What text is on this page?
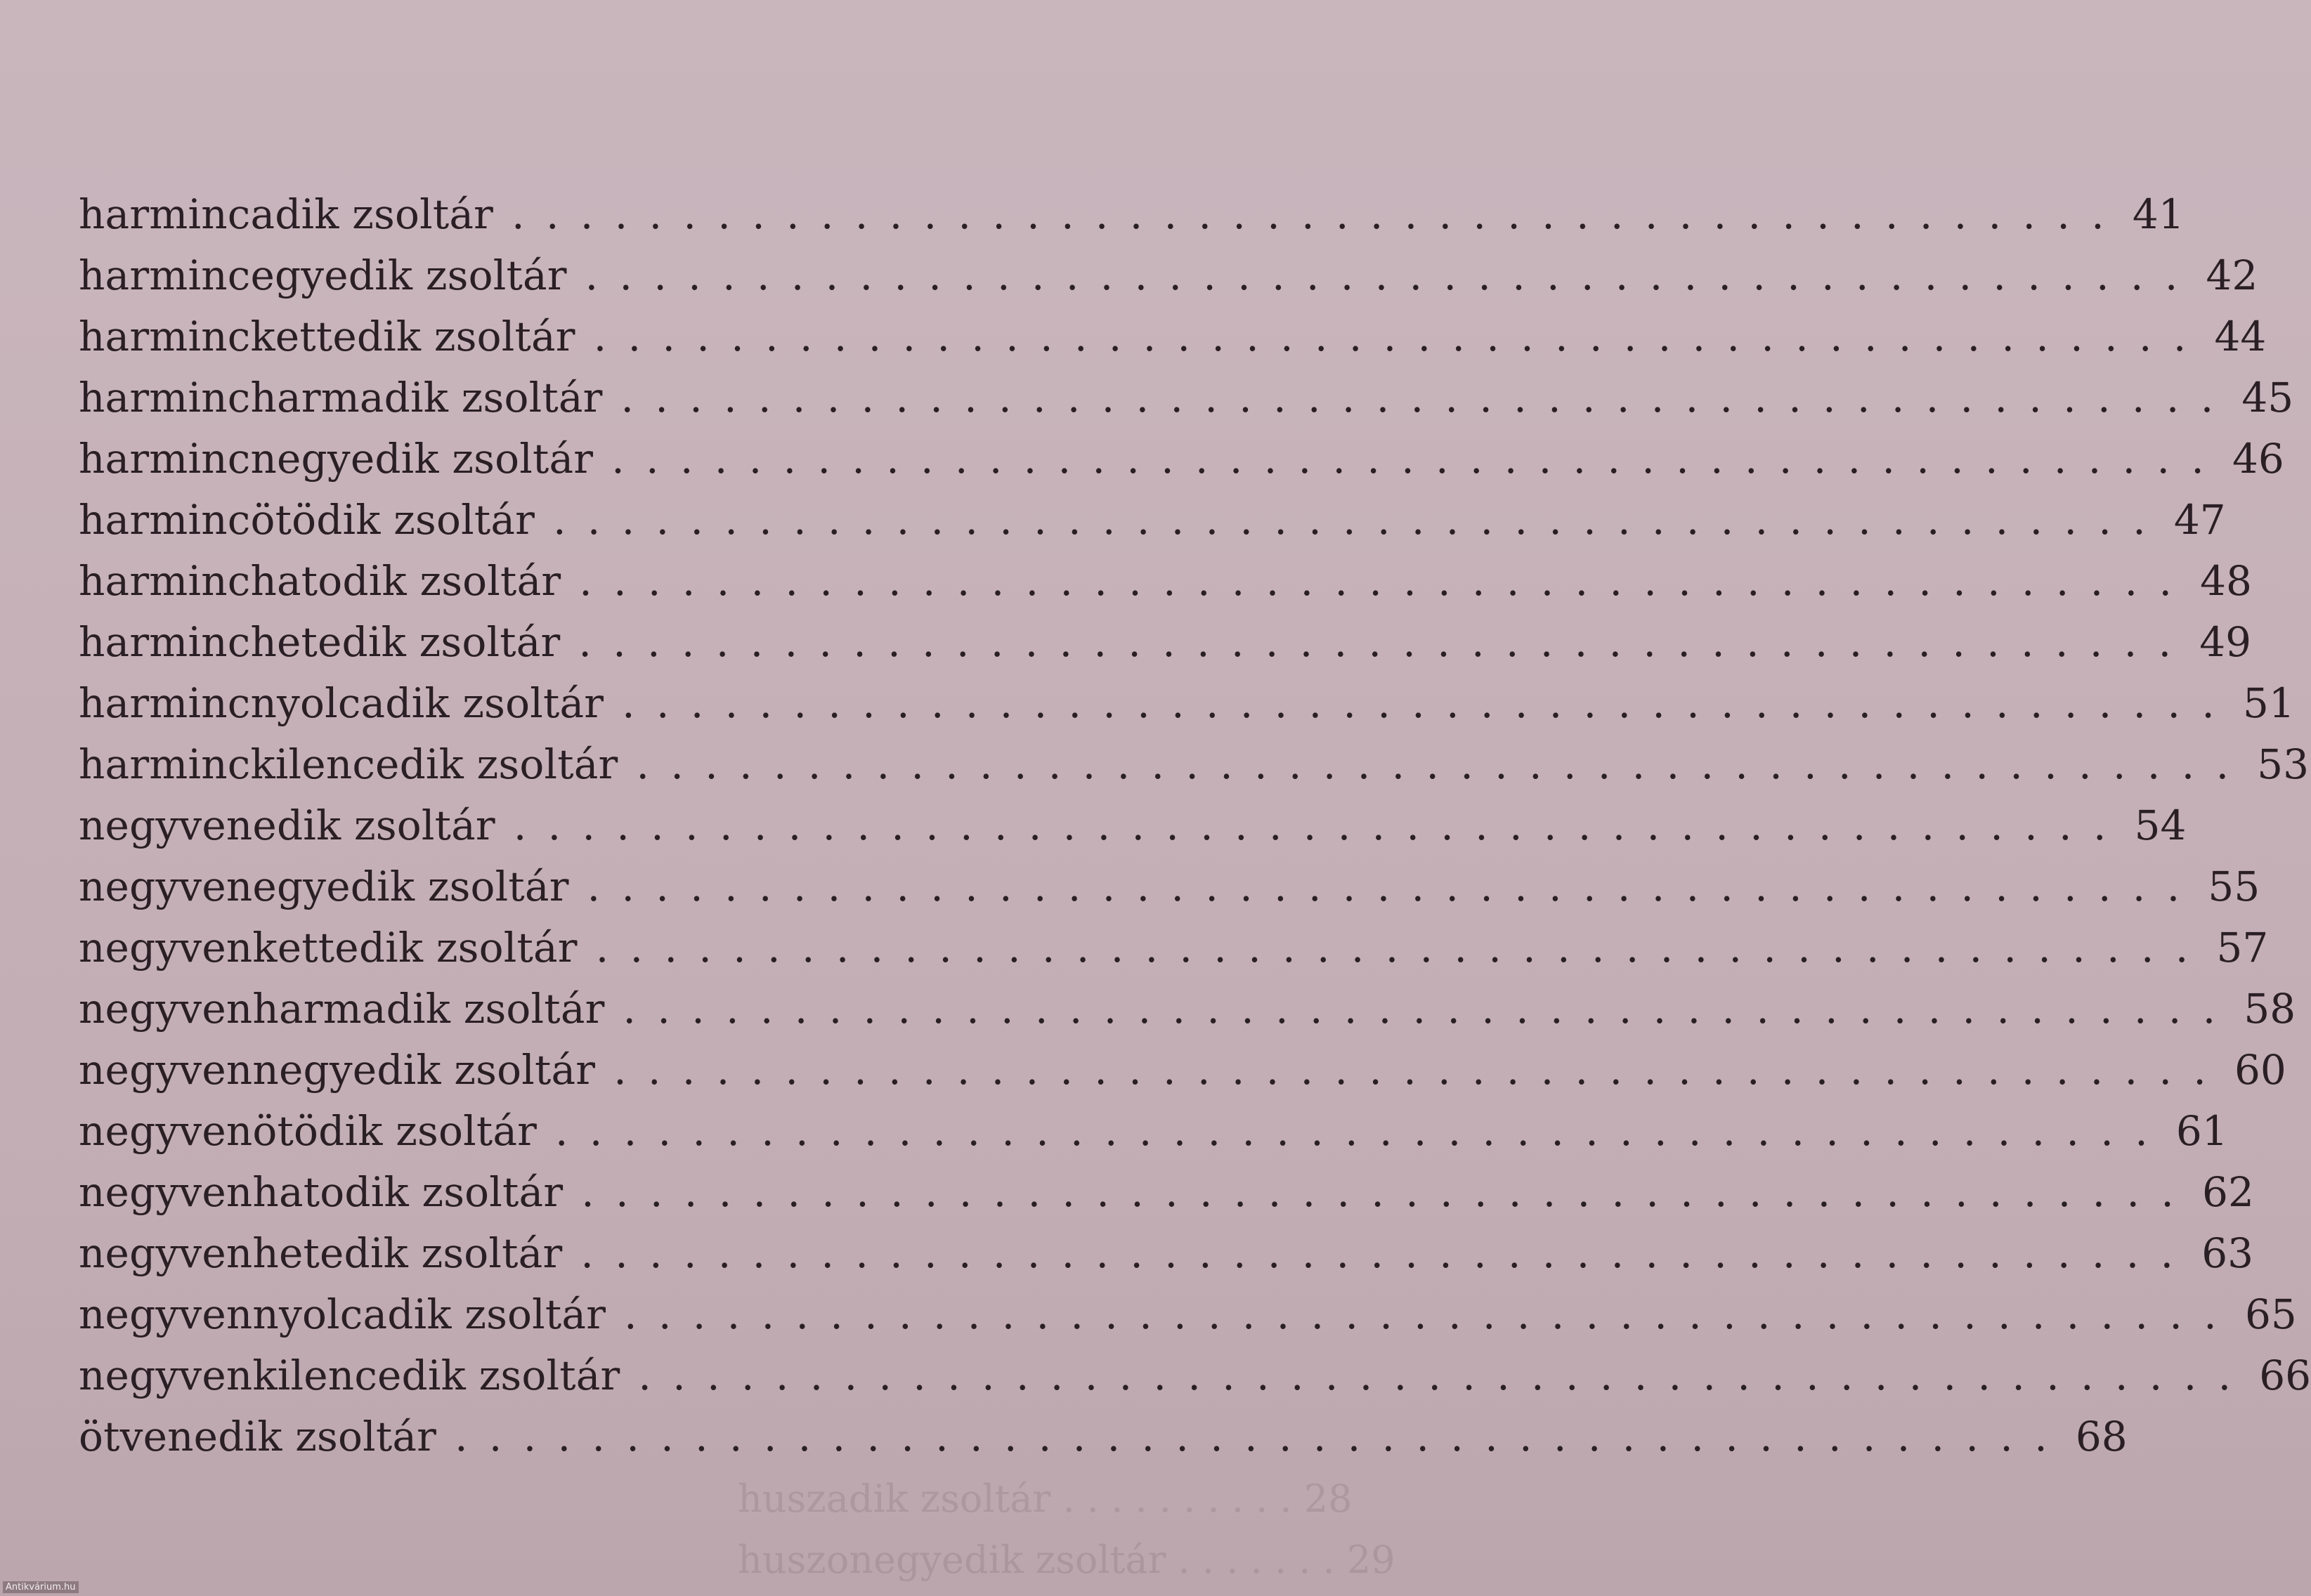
huszadik zsoltár . . . . . . . . . . 28
huszonegyedik zsoltár . . . . . . . 29
harmincadik zsoltár . . .	41
harmincegyedik zsoltár . . .	42
harminckettedik zsoltár . . .	44
harmincharmadik zsoltár . . .	45
harmincnegyedik zsoltár . . .	46
harmincötödik zsoltár . . .	47
harminchatodik zsoltár . . .	48
harminchetedik zsoltár . . .	49
harmincnyolcadik zsoltár . . .	51
harminckilencedik zsoltár . . .	53
negyvenedik zsoltár . . .	54
negyvenegyedik zsoltár . . .	55
negyvenkettedik zsoltár . . .	57
negyvenharmadik zsoltár . . .	58
negyvennegyedik zsoltár . . .	60
negyvenötödik zsoltár . . .	61
negyvenhatodik zsoltár . . .	62
negyvenhetedik zsoltár . . .	63
negyvennyolcadik zsoltár . . .	65
negyvenkilencedik zsoltár . . .	66
ötvenedik zsoltár . . .	68
Antikvárium.hu
